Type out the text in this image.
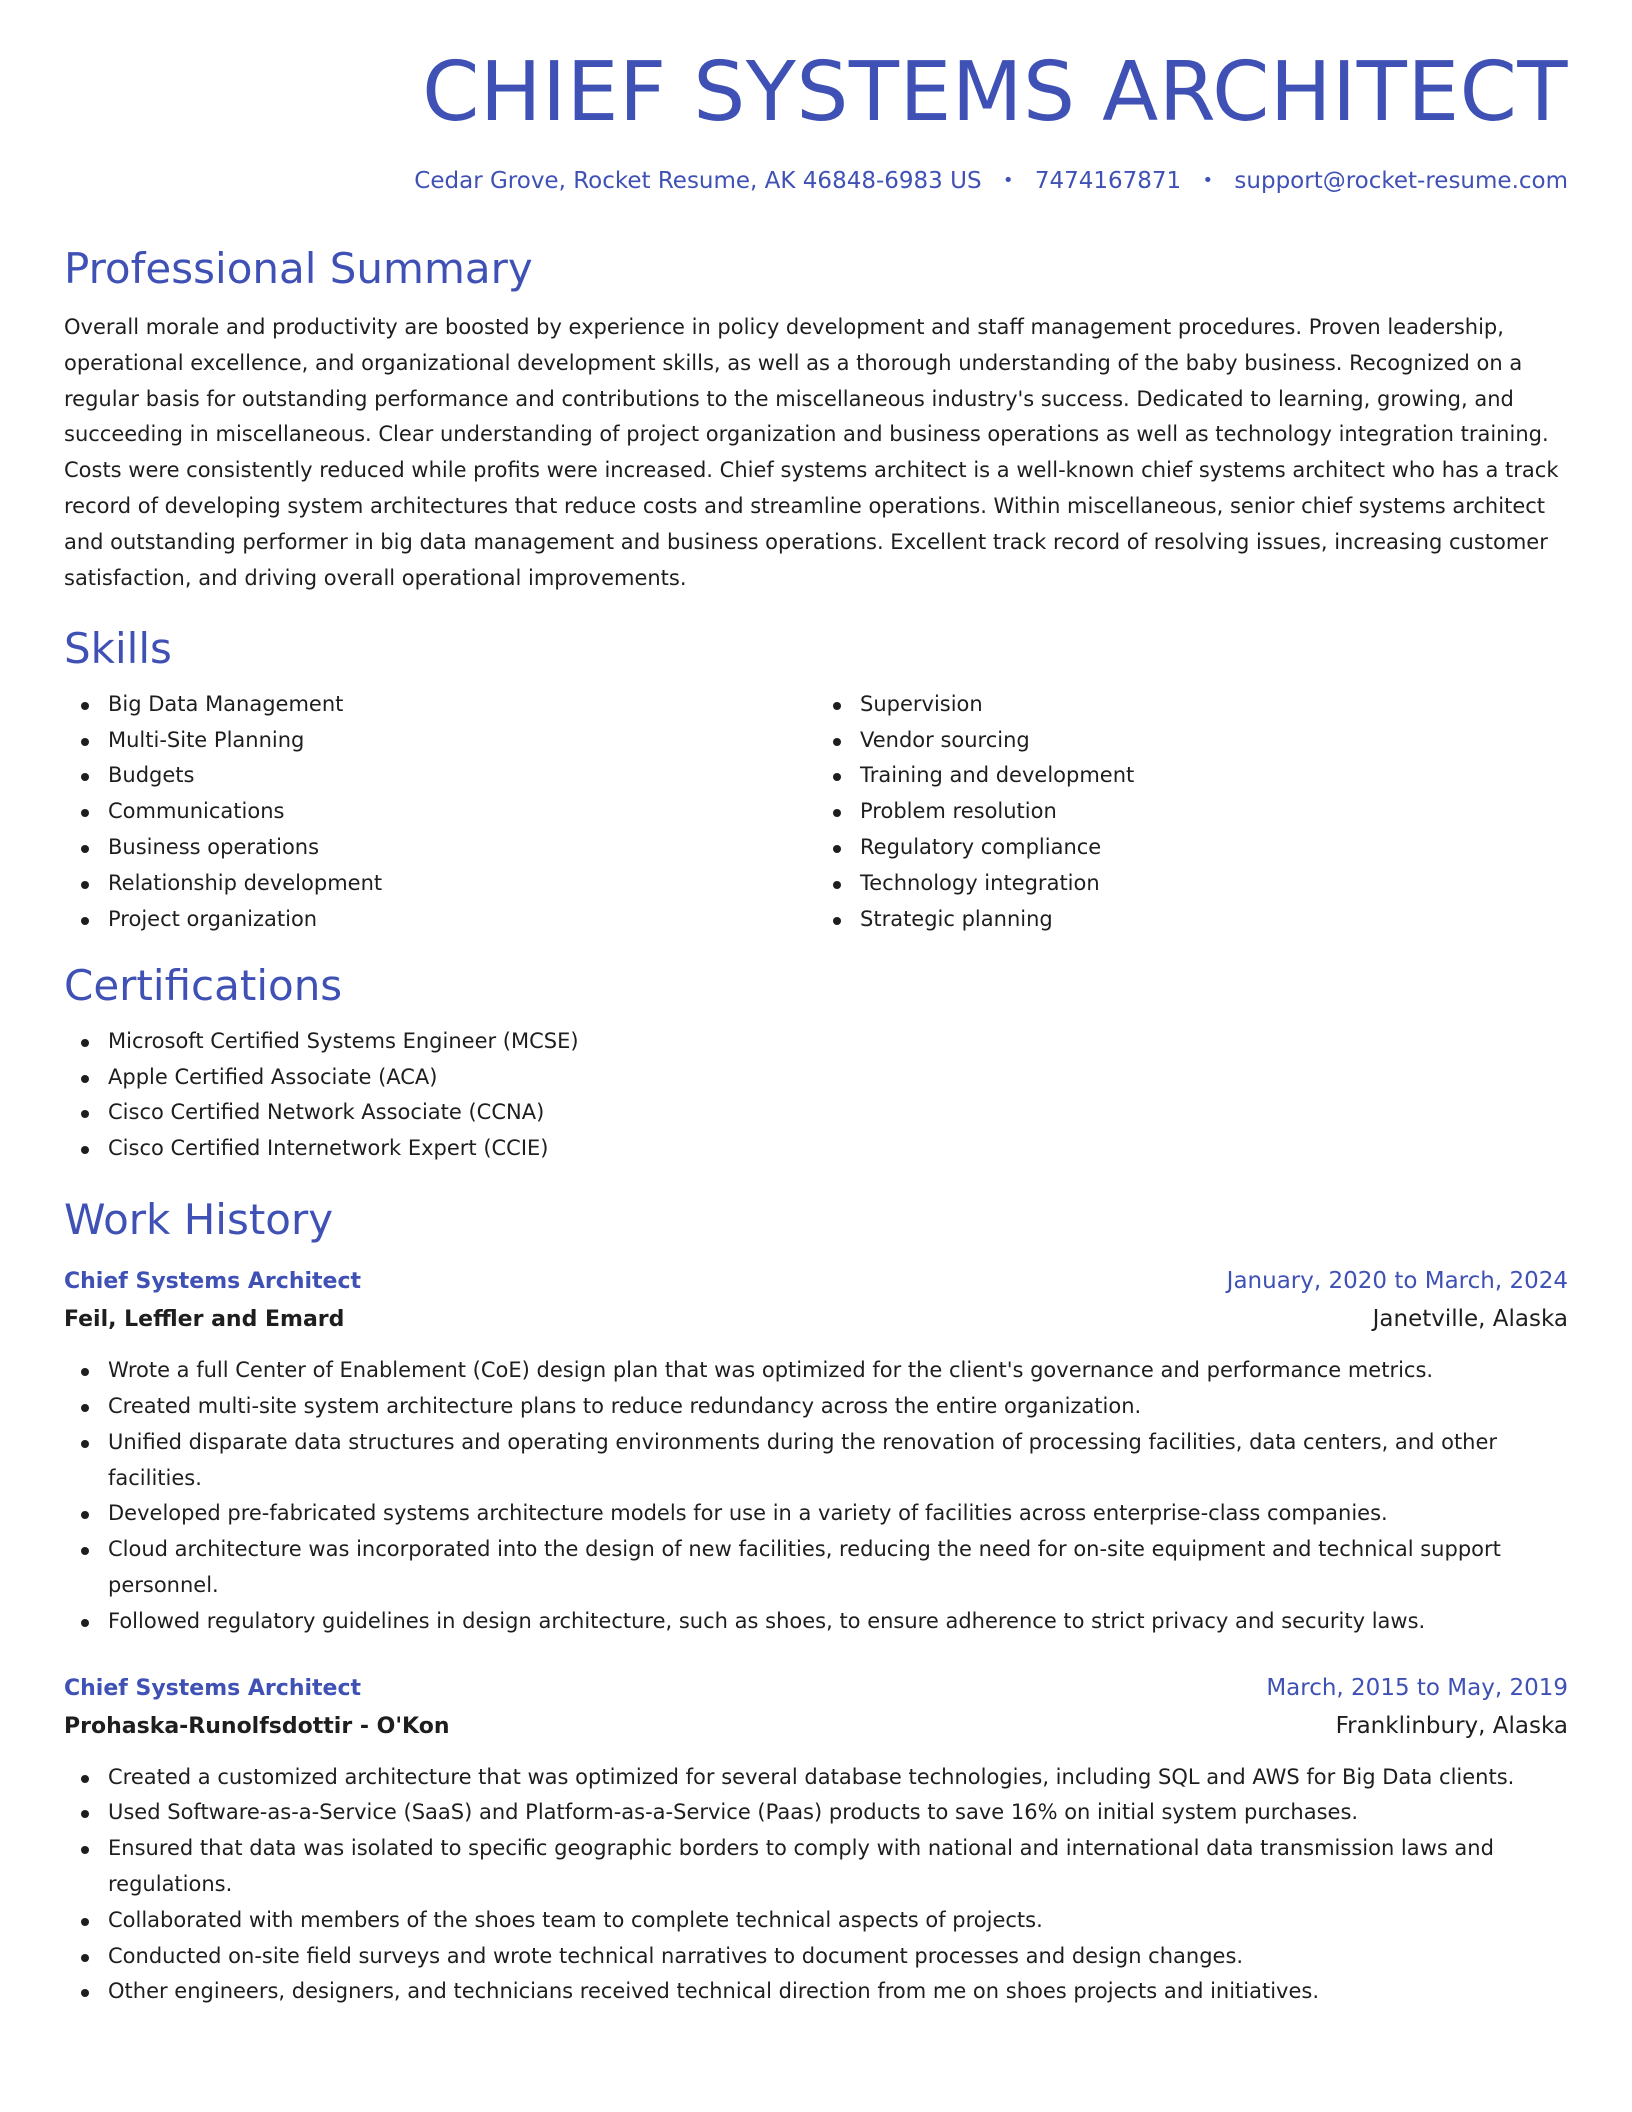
CHIEF SYSTEMS ARCHITECT
Cedar Grove, Rocket Resume, AK 46848-6983 US • 7474167871 • support@rocket-resume.com
Professional Summary

Overall morale and productivity are boosted by experience in policy development and staff management procedures. Proven leadership, operational excellence, and organizational development skills, as well as a thorough understanding of the baby business. Recognized on a regular basis for outstanding performance and contributions to the miscellaneous industry's success. Dedicated to learning, growing, and succeeding in miscellaneous. Clear understanding of project organization and business operations as well as technology integration training. Costs were consistently reduced while profits were increased. Chief systems architect is a well-known chief systems architect who has a track record of developing system architectures that reduce costs and streamline operations. Within miscellaneous, senior chief systems architect and outstanding performer in big data management and business operations. Excellent track record of resolving issues, increasing customer satisfaction, and driving overall operational improvements.

Skills
Big Data Management
Multi-Site Planning
Budgets
Communications
Business operations
Relationship development
Project organization
Supervision
Vendor sourcing
Training and development
Problem resolution
Regulatory compliance
Technology integration
Strategic planning
Certifications
Microsoft Certified Systems Engineer (MCSE)
Apple Certified Associate (ACA)
Cisco Certified Network Associate (CCNA)
Cisco Certified Internetwork Expert (CCIE)
Work History
Chief Systems Architect	January, 2020 to March, 2024
Feil, Leffler and Emard	Janetville, Alaska
Wrote a full Center of Enablement (CoE) design plan that was optimized for the client's governance and performance metrics.
Created multi-site system architecture plans to reduce redundancy across the entire organization.
Unified disparate data structures and operating environments during the renovation of processing facilities, data centers, and other facilities.
Developed pre-fabricated systems architecture models for use in a variety of facilities across enterprise-class companies.
Cloud architecture was incorporated into the design of new facilities, reducing the need for on-site equipment and technical support personnel.
Followed regulatory guidelines in design architecture, such as shoes, to ensure adherence to strict privacy and security laws.
Chief Systems Architect	March, 2015 to May, 2019
Prohaska-Runolfsdottir - O'Kon	Franklinbury, Alaska
Created a customized architecture that was optimized for several database technologies, including SQL and AWS for Big Data clients.
Used Software-as-a-Service (SaaS) and Platform-as-a-Service (Paas) products to save 16% on initial system purchases.
Ensured that data was isolated to specific geographic borders to comply with national and international data transmission laws and regulations.
Collaborated with members of the shoes team to complete technical aspects of projects.
Conducted on-site field surveys and wrote technical narratives to document processes and design changes.
Other engineers, designers, and technicians received technical direction from me on shoes projects and initiatives.
